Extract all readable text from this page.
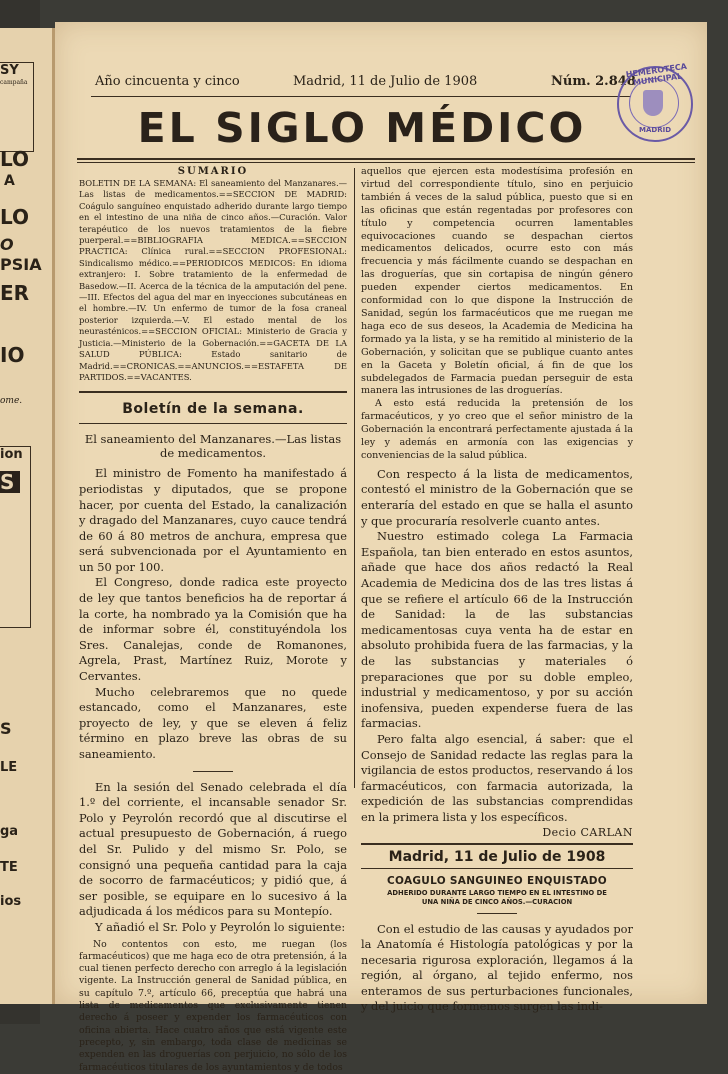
SY
campaña
LO
A
LO
O
PSIA
ER
IO
ome.
ion
S
S
LE
ga
TE
ios
Año cincuenta y cinco	Madrid, 11 de Julio de 1908	Núm. 2.848
EL SIGLO MÉDICO
HEMEROTECA MUNICIPAL
MADRID
SUMARIO
BOLETIN DE LA SEMANA: El saneamiento del Manzanares.— Las listas de medicamentos.==SECCION DE MADRID: Coágulo sanguíneo enquistado adherido durante largo tiempo en el intestino de una niña de cinco años.—Curación. Valor terapéutico de los nuevos tratamientos de la fiebre puerperal.==BIBLIOGRAFIA MEDICA.==SECCION PRACTICA: Clínica rural.==SECCION PROFESIONAL: Sindicalismo médico.==PERIODICOS MEDICOS: En idioma extranjero: I. Sobre tratamiento de la enfermedad de Basedow.—II. Acerca de la técnica de la amputación del pene.—III. Efectos del agua del mar en inyecciones subcutáneas en el hombre.—IV. Un enfermo de tumor de la fosa craneal posterior izquierda.—V. El estado mental de los neurasténicos.==SECCION OFICIAL: Ministerio de Gracia y Justicia.—Ministerio de la Gobernación.==GACETA DE LA SALUD PÚBLICA: Estado sanitario de Madrid.==CRONICAS.==ANUNCIOS.==ESTAFETA DE PARTIDOS.==VACANTES.
Boletín de la semana.
El saneamiento del Manzanares.—Las listas de medicamentos.

El ministro de Fomento ha manifestado á periodistas y diputados, que se propone hacer, por cuenta del Estado, la canalización y dragado del Manzanares, cuyo cauce tendrá de 60 á 80 metros de anchura, empresa que será subvencionada por el Ayuntamiento en un 50 por 100.

El Congreso, donde radica este proyecto de ley que tantos beneficios ha de reportar á la corte, ha nombrado ya la Comisión que ha de informar sobre él, constituyéndola los Sres. Canalejas, conde de Romanones, Agrela, Prast, Martínez Ruiz, Morote y Cervantes.

Mucho celebraremos que no quede estancado, como el Manzanares, este proyecto de ley, y que se eleven á feliz término en plazo breve las obras de su saneamiento.

En la sesión del Senado celebrada el día 1.º del corriente, el incansable senador Sr. Polo y Peyrolón recordó que al discutirse el actual presupuesto de Gobernación, á ruego del Sr. Pulido y del mismo Sr. Polo, se consignó una pequeña cantidad para la caja de socorro de farmacéuticos; y pidió que, á ser posible, se equipare en lo sucesivo á la adjudicada á los médicos para su Montepío.

Y añadió el Sr. Polo y Peyrolón lo siguiente:

No contentos con esto, me ruegan (los farmacéuticos) que me haga eco de otra pretensión, á la cual tienen perfecto derecho con arreglo á la legislación vigente. La Instrucción general de Sanidad pública, en su capítulo 7.º, artículo 66, preceptúa que habrá una lista de medicamentos que exclusivamente tienen derecho á poseer y expender los farmacéuticos con oficina abierta. Hace cuatro años que está vigente este precepto, y, sin embargo, toda clase de medicinas se expenden en las droguerías con perjuicio, no sólo de los farmacéuticos titulares de los ayuntamientos y de todos

aquellos que ejercen esta modestísima profesión en virtud del correspondiente título, sino en perjuicio también á veces de la salud pública, puesto que si en las oficinas que están regentadas por profesores con título y competencia ocurren lamentables equivocaciones cuando se despachan ciertos medicamentos delicados, ocurre esto con más frecuencia y más fácilmente cuando se despachan en las droguerías, que sin cortapisa de ningún género pueden expender ciertos medicamentos. En conformidad con lo que dispone la Instrucción de Sanidad, según los farmacéuticos que me ruegan me haga eco de sus deseos, la Academia de Medicina ha formado ya la lista, y se ha remitido al ministerio de la Gobernación, y solicitan que se publique cuanto antes en la Gaceta y Boletín oficial, á fin de que los subdelegados de Farmacia puedan perseguir de esta manera las intrusiones de las droguerías.

A esto está reducida la pretensión de los farmacéuticos, y yo creo que el señor ministro de la Gobernación la encontrará perfectamente ajustada á la ley y además en armonía con las exigencias y conveniencias de la salud pública.

Con respecto á la lista de medicamentos, contestó el ministro de la Gobernación que se enteraría del estado en que se halla el asunto y que procuraría resolverle cuanto antes.

Nuestro estimado colega La Farmacia Española, tan bien enterado en estos asuntos, añade que hace dos años redactó la Real Academia de Medicina dos de las tres listas á que se refiere el artículo 66 de la Instrucción de Sanidad: la de las substancias medicamentosas cuya venta ha de estar en absoluto prohibida fuera de las farmacias, y la de las substancias y materiales ó preparaciones que por su doble empleo, industrial y medicamentoso, y por su acción inofensiva, pueden expenderse fuera de las farmacias.

Pero falta algo esencial, á saber: que el Consejo de Sanidad redacte las reglas para la vigilancia de estos productos, reservando á los farmacéuticos, con farmacia autorizada, la expedición de las substancias comprendidas en la primera lista y los específicos.

Decio CARLAN
Madrid, 11 de Julio de 1908
COAGULO SANGUINEO ENQUISTADO
ADHERIDO DURANTE LARGO TIEMPO EN EL INTESTINO DE UNA NIÑA DE CINCO AÑOS.—CURACION

Con el estudio de las causas y ayudados por la Anatomía é Histología patológicas y por la necesaria rigurosa exploración, llegamos á la región, al órgano, al tejido enfermo, nos enteramos de sus perturbaciones funcionales, y del juicio que formemos surgen las indi-
